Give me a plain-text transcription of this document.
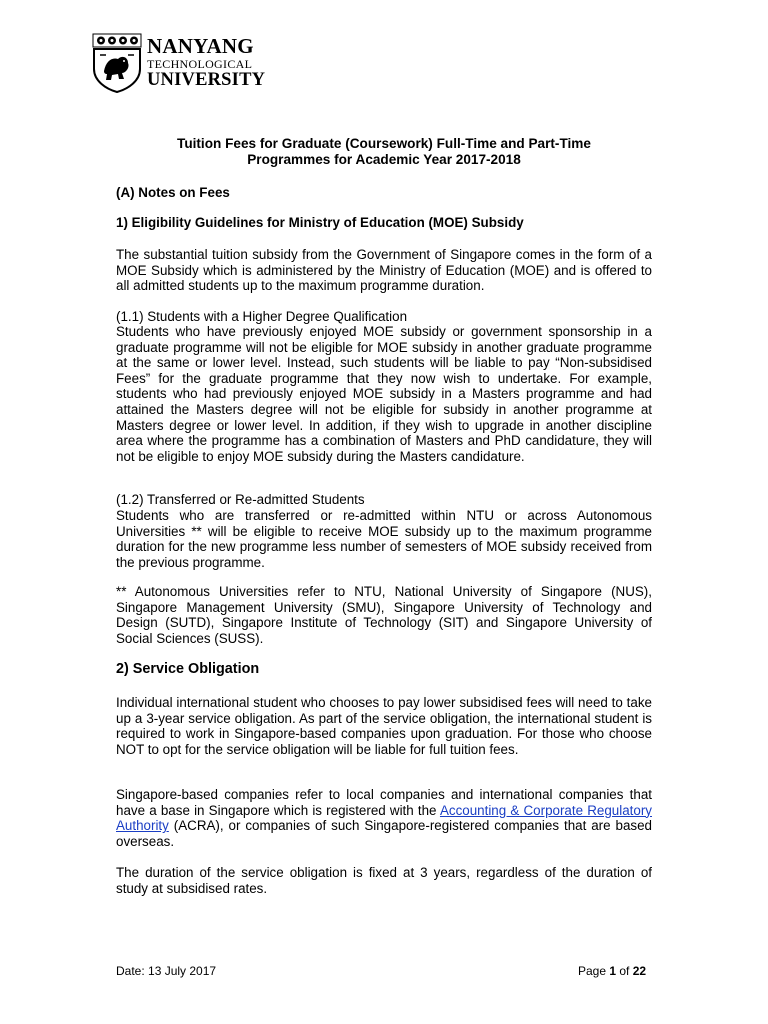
NANYANG
TECHNOLOGICAL
UNIVERSITY
Tuition Fees for Graduate (Coursework) Full-Time and Part-Time
Programmes for Academic Year 2017-2018
(A) Notes on Fees
1) Eligibility Guidelines for Ministry of Education (MOE) Subsidy
The substantial tuition subsidy from the Government of Singapore comes in the form of a MOE Subsidy which is administered by the Ministry of Education (MOE) and is offered to all admitted students up to the maximum programme duration.
(1.1) Students with a Higher Degree Qualification
Students who have previously enjoyed MOE subsidy or government sponsorship in a graduate programme will not be eligible for MOE subsidy in another graduate programme at the same or lower level. Instead, such students will be liable to pay “Non-subsidised Fees” for the graduate programme that they now wish to undertake. For example, students who had previously enjoyed MOE subsidy in a Masters programme and had attained the Masters degree will not be eligible for subsidy in another programme at Masters degree or lower level. In addition, if they wish to upgrade in another discipline area where the programme has a combination of Masters and PhD candidature, they will not be eligible to enjoy MOE subsidy during the Masters candidature.
(1.2) Transferred or Re-admitted Students
Students who are transferred or re-admitted within NTU or across Autonomous Universities ** will be eligible to receive MOE subsidy up to the maximum programme duration for the new programme less number of semesters of MOE subsidy received from the previous programme.
** Autonomous Universities refer to NTU, National University of Singapore (NUS), Singapore Management University (SMU), Singapore University of Technology and Design (SUTD), Singapore Institute of Technology (SIT) and Singapore University of Social Sciences (SUSS).
2) Service Obligation
Individual international student who chooses to pay lower subsidised fees will need to take up a 3-year service obligation. As part of the service obligation, the international student is required to work in Singapore-based companies upon graduation. For those who choose NOT to opt for the service obligation will be liable for full tuition fees.
Singapore-based companies refer to local companies and international companies that have a base in Singapore which is registered with the Accounting & Corporate Regulatory Authority (ACRA), or companies of such Singapore-registered companies that are based overseas.
The duration of the service obligation is fixed at 3 years, regardless of the duration of study at subsidised rates.
Date: 13 July 2017	Page 1 of 22
